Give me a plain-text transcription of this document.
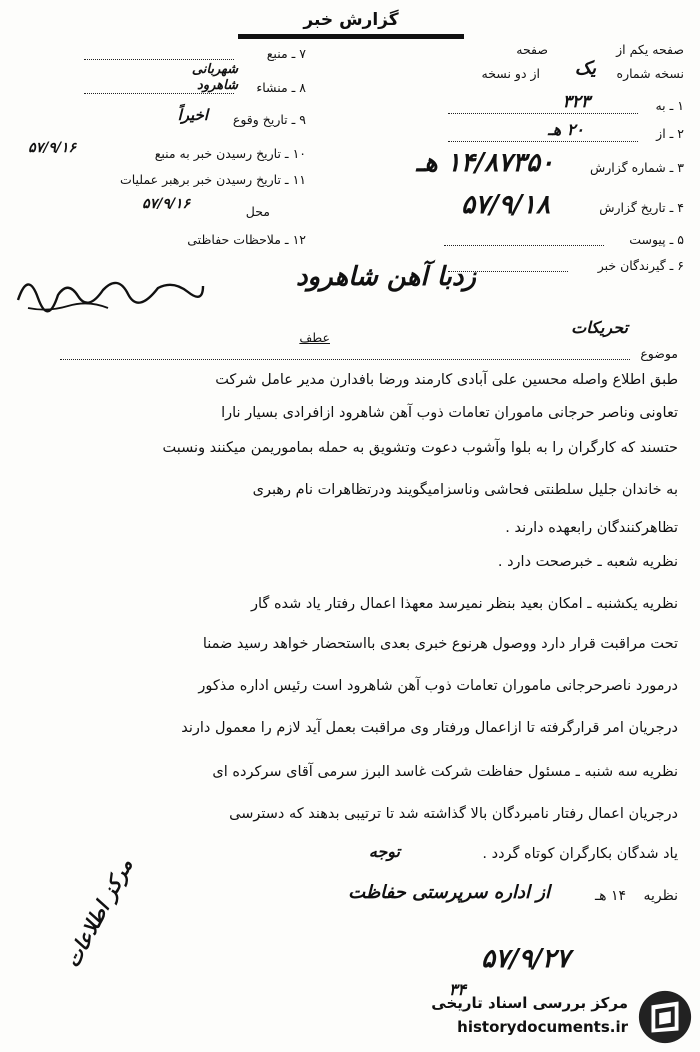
گزارش خبر
صفحه یکم از
صفحه
نسخه شماره
یک
از دو نسخه
۱ ـ به
۳۲۳
۲ ـ از
۲۰ هـ
۳ ـ شماره گزارش
۱۴/۸۷۳۵۰ هـ
۴ ـ تاریخ گزارش
۵۷/۹/۱۸
۵ ـ پیوست
۶ ـ گیرندگان خبر
۷ ـ منبع
۸ ـ منشاء
شهربانی شاهرود
۹ ـ تاریخ وقوع
اخیراً
۱۰ ـ تاریخ رسیدن خبر به منبع
۵۷/۹/۱۶
۱۱ ـ تاریخ رسیدن خبر برهبر عملیات
محل
۵۷/۹/۱۶
۱۲ ـ ملاحظات حفاظتی
زدبا آهن شاهرود
تحریکات
موضوع
عطف
طبق اطلاع واصله محسین علی آبادی کارمند ورضا بافدارن مدیر عامل شرکت
تعاونی وناصر حرجانی ماموران تعامات ذوب آهن شاهرود ازافرادی بسیار نارا
حتسند که کارگران را به بلوا وآشوب دعوت وتشویق به حمله بماموریمن میکنند ونسبت
به خاندان جلیل سلطنتی فحاشی وناسزامیگویند ودرتظاهرات نام رهبری
تظاهرکنندگان رابعهده دارند .
نظریه شعبه ـ خبرصحت دارد .
نظریه یکشنبه ـ امکان بعید بنظر نمیرسد معهذا اعمال رفتار یاد شده گار
تحت مراقبت قرار دارد ووصول هرنوع خبری بعدی بااستحضار خواهد رسید ضمنا
درمورد ناصرحرجانی ماموران تعامات ذوب آهن شاهرود است رئیس اداره مذکور
درجریان امر قرارگرفته تا ازاعمال ورفتار وی مراقبت بعمل آید لازم را معمول دارند
نظریه سه شنبه ـ مسئول حفاظت شرکت غاسد البرز سرمی آقای سرکرده ای
درجریان اعمال رفتار نامبردگان بالا گذاشته شد تا ترتیبی بدهند که دسترسی
یاد شدگان بکارگران کوتاه گردد .
توجه
نظریه
۱۴ هـ
از اداره سرپرستی حفاظت
۵۷/۹/۲۷
۳۴
مرکز اطلاعات
مرکز بررسی اسناد تاریخی
historydocuments.ir
